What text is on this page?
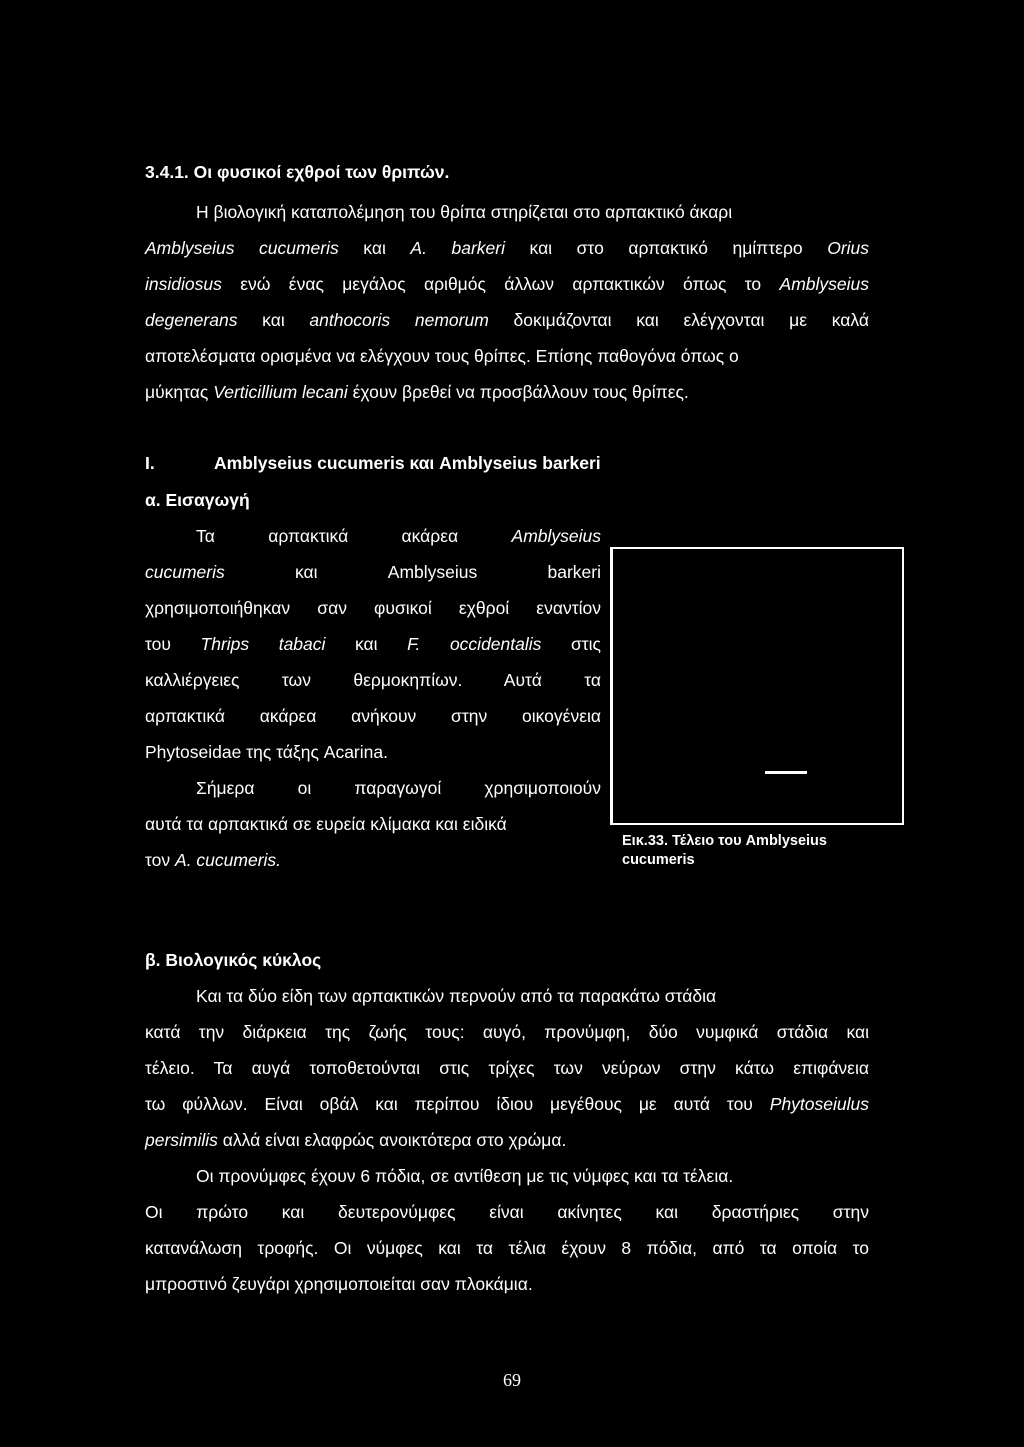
3.4.1. Οι φυσικοί εχθροί των θριπών.

Η βιολογική καταπολέμηση του θρίπα στηρίζεται στο αρπακτικό άκαρι

Amblyseius cucumeris και A. barkeri και στο αρπακτικό ημίπτερο Orius

insidiosus ενώ ένας μεγάλος αριθμός άλλων αρπακτικών όπως το Amblyseius

degenerans και anthocoris nemorum δοκιμάζονται και ελέγχονται με καλά

αποτελέσματα ορισμένα να ελέγχουν τους θρίπες. Επίσης παθογόνα όπως ο

μύκητας Verticillium lecani έχουν βρεθεί να προσβάλλουν τους θρίπες.

I.	Amblyseius cucumeris και Amblyseius barkeri

α. Εισαγωγή

Τα αρπακτικά ακάρεα Amblyseius

cucumeris και Amblyseius barkeri

χρησιμοποιήθηκαν σαν φυσικοί εχθροί εναντίον

του Thrips tabaci και F. occidentalis στις

καλλιέργειες των θερμοκηπίων. Αυτά τα

αρπακτικά ακάρεα ανήκουν στην οικογένεια

Phytoseidae της τάξης Acarina.

Σήμερα οι παραγωγοί χρησιμοποιούν

αυτά τα αρπακτικά σε ευρεία κλίμακα και ειδικά

τον A. cucumeris.

Εικ.33. Τέλειο του Amblyseius
cucumeris

β. Βιολογικός κύκλος

Και τα δύο είδη των αρπακτικών περνούν από τα παρακάτω στάδια

κατά την διάρκεια της ζωής τους: αυγό, προνύμφη, δύο νυμφικά στάδια και

τέλειο. Τα αυγά τοποθετούνται στις τρίχες των νεύρων στην κάτω επιφάνεια

τω φύλλων. Είναι οβάλ και περίπου ίδιου μεγέθους με αυτά του Phytoseiulus

persimilis αλλά είναι ελαφρώς ανοικτότερα στο χρώμα.

Οι προνύμφες έχουν 6 πόδια, σε αντίθεση με τις νύμφες και τα τέλεια.

Οι πρώτο και δευτερονύμφες είναι ακίνητες και δραστήριες στην

κατανάλωση τροφής. Οι νύμφες και τα τέλια έχουν 8 πόδια, από τα οποία το

μπροστινό ζευγάρι χρησιμοποιείται σαν πλοκάμια.

69
